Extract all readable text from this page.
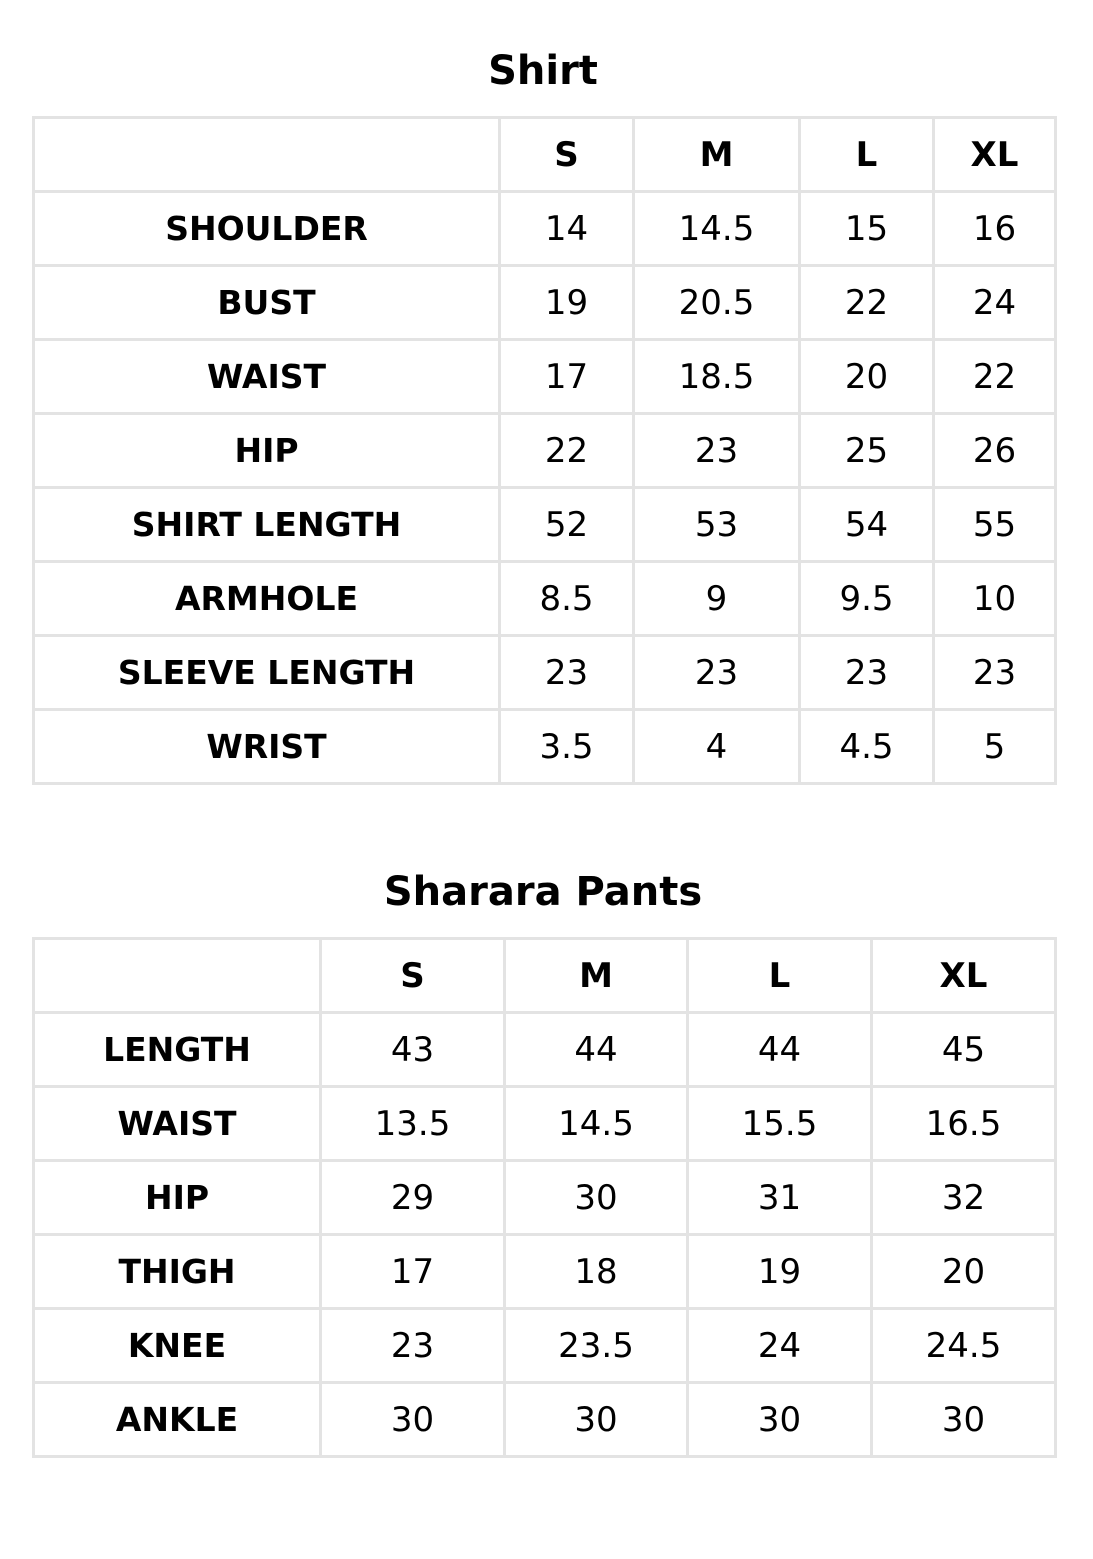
Shirt
	S	M	L	XL
SHOULDER	14	14.5	15	16
BUST	19	20.5	22	24
WAIST	17	18.5	20	22
HIP	22	23	25	26
SHIRT LENGTH	52	53	54	55
ARMHOLE	8.5	9	9.5	10
SLEEVE LENGTH	23	23	23	23
WRIST	3.5	4	4.5	5
Sharara Pants
	S	M	L	XL
LENGTH	43	44	44	45
WAIST	13.5	14.5	15.5	16.5
HIP	29	30	31	32
THIGH	17	18	19	20
KNEE	23	23.5	24	24.5
ANKLE	30	30	30	30
